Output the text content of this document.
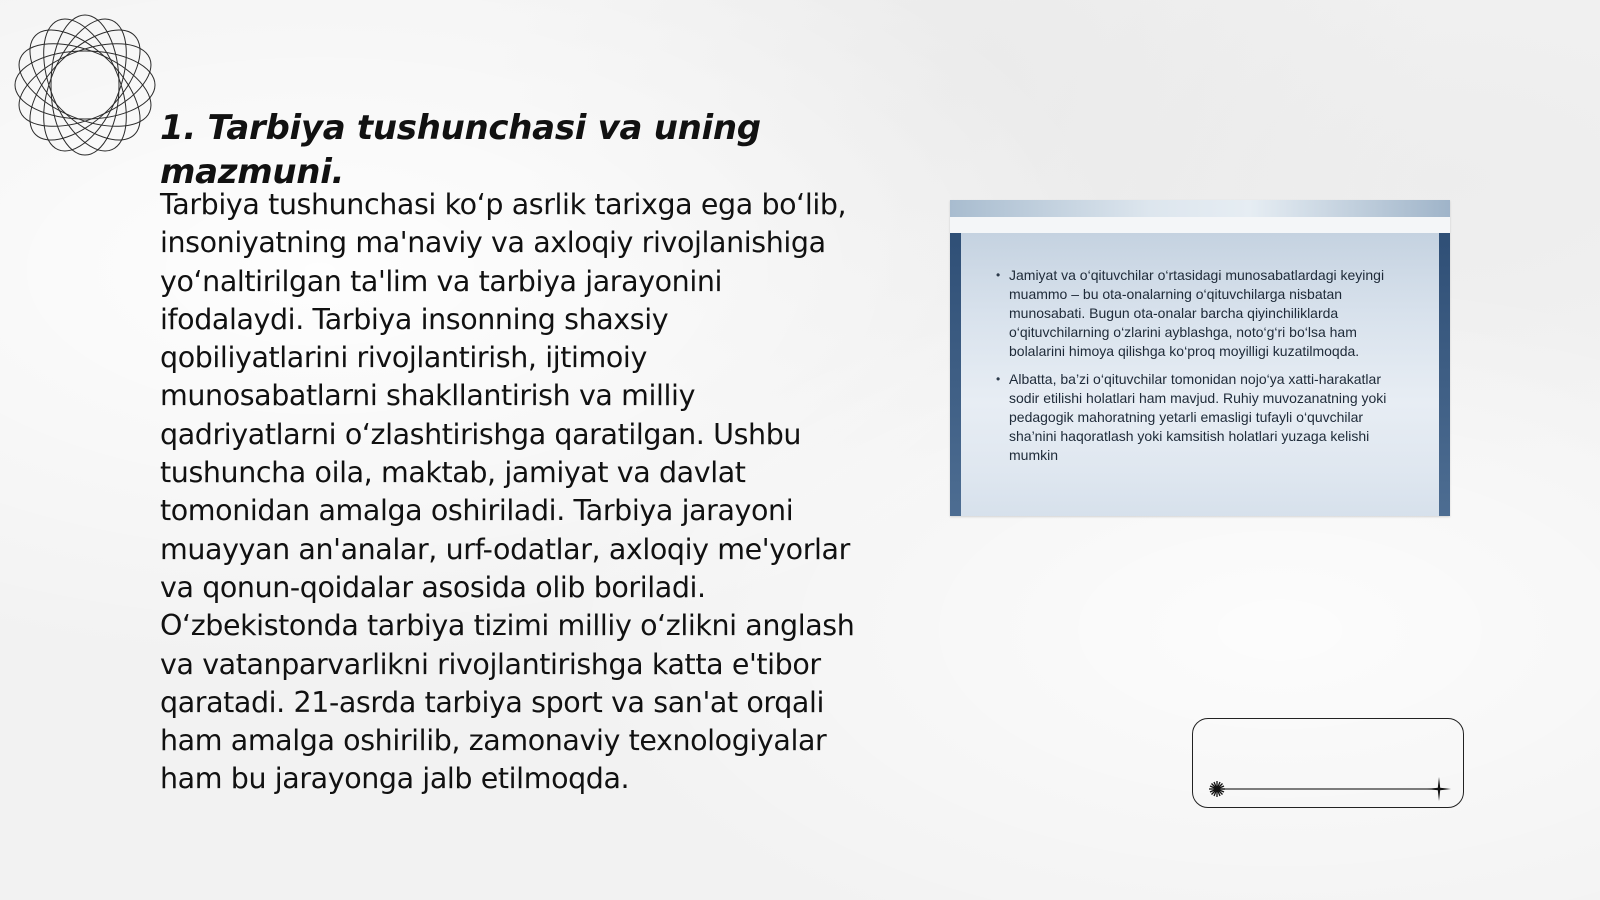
1. Tarbiya tushunchasi va uning mazmuni.

Tarbiya tushunchasi ko‘p asrlik tarixga ega bo‘lib, insoniyatning ma'naviy va axloqiy rivojlanishiga yo‘naltirilgan ta'lim va tarbiya jarayonini ifodalaydi. Tarbiya insonning shaxsiy qobiliyatlarini rivojlantirish, ijtimoiy munosabatlarni shakllantirish va milliy qadriyatlarni o‘zlashtirishga qaratilgan. Ushbu tushuncha oila, maktab, jamiyat va davlat tomonidan amalga oshiriladi. Tarbiya jarayoni muayyan an'analar, urf-odatlar, axloqiy me'yorlar va qonun-qoidalar asosida olib boriladi. O‘zbekistonda tarbiya tizimi milliy o‘zlikni anglash va vatanparvarlikni rivojlantirishga katta e'tibor qaratadi. 21-asrda tarbiya sport va san'at orqali ham amalga oshirilib, zamonaviy texnologiyalar ham bu jarayonga jalb etilmoqda.

• Jamiyat va o‘qituvchilar o‘rtasidagi munosabatlardagi keyingi muammo – bu ota-onalarning o‘qituvchilarga nisbatan munosabati. Bugun ota-onalar barcha qiyinchiliklarda o‘qituvchilarning o‘zlarini ayblashga, noto‘g‘ri bo‘lsa ham bolalarini himoya qilishga ko‘proq moyilligi kuzatilmoqda.
• Albatta, ba’zi o‘qituvchilar tomonidan nojo‘ya xatti-harakatlar sodir etilishi holatlari ham mavjud. Ruhiy muvozanatning yoki pedagogik mahoratning yetarli emasligi tufayli o‘quvchilar sha’nini haqoratlash yoki kamsitish holatlari yuzaga kelishi mumkin
